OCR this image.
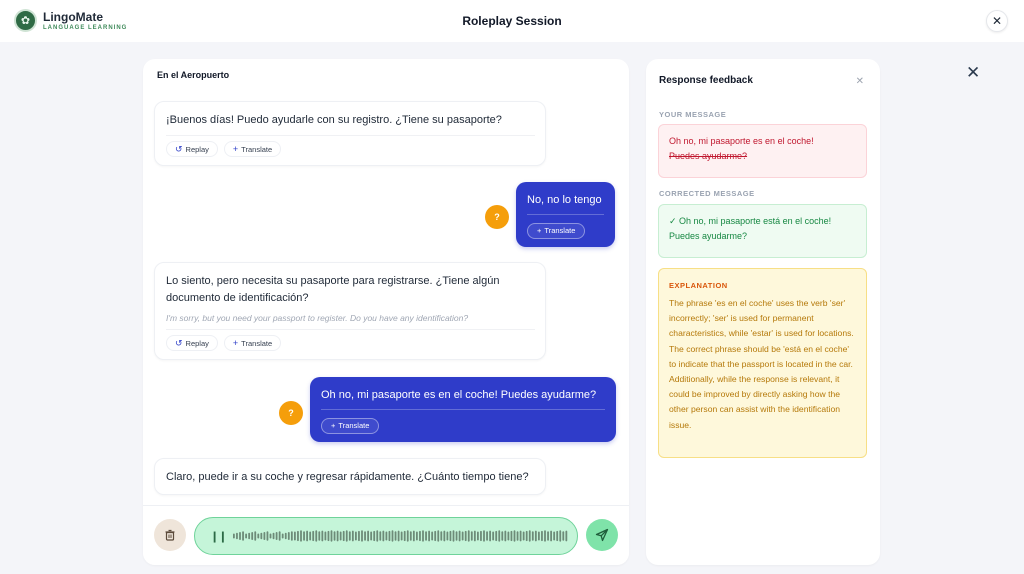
✿	LingoMate
LANGUAGE LEARNING	Roleplay Session	✕
✕
En el Aeropuerto
¡Buenos días! Puedo ayudarle con su registro. ¿Tiene su pasaporte?
↺ Replay	+ Translate
?
No, no lo tengo
+ Translate
Lo siento, pero necesita su pasaporte para registrarse. ¿Tiene algún documento de identificación?
I'm sorry, but you need your passport to register. Do you have any identification?
↺ Replay	+ Translate
?
Oh no, mi pasaporte es en el coche! Puedes ayudarme?
+ Translate
Claro, puede ir a su coche y regresar rápidamente. ¿Cuánto tiempo tiene?
❙❙
Response feedback	✕
YOUR MESSAGE
Oh no, mi pasaporte es en el coche!
Puedes ayudarme?
CORRECTED MESSAGE
✓ Oh no, mi pasaporte está en el coche!
Puedes ayudarme?
EXPLANATION
The phrase 'es en el coche' uses the verb 'ser' incorrectly; 'ser' is used for permanent characteristics, while 'estar' is used for locations. The correct phrase should be 'está en el coche' to indicate that the passport is located in the car. Additionally, while the response is relevant, it could be improved by directly asking how the other person can assist with the identification issue.
